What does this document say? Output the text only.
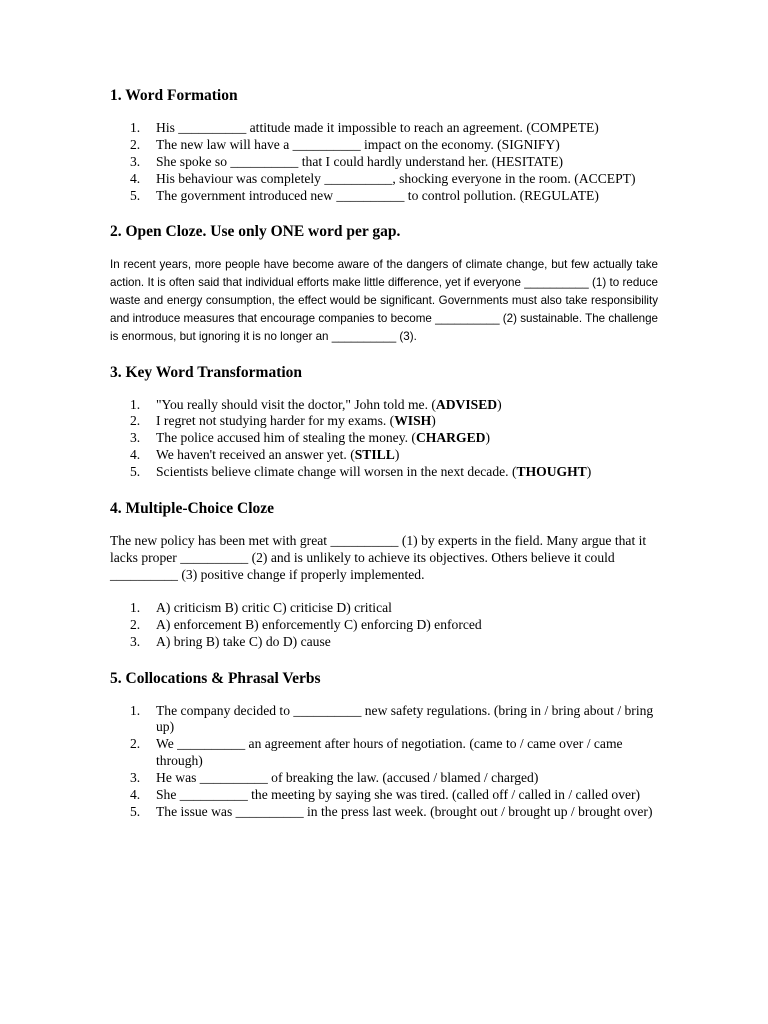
1. Word Formation
1. His __________ attitude made it impossible to reach an agreement. (COMPETE)
2. The new law will have a __________ impact on the economy. (SIGNIFY)
3. She spoke so __________ that I could hardly understand her. (HESITATE)
4. His behaviour was completely __________, shocking everyone in the room. (ACCEPT)
5. The government introduced new __________ to control pollution. (REGULATE)
2. Open Cloze. Use only ONE word per gap.

In recent years, more people have become aware of the dangers of climate change, but few actually take action. It is often said that individual efforts make little difference, yet if everyone __________ (1) to reduce waste and energy consumption, the effect would be significant. Governments must also take responsibility and introduce measures that encourage companies to become __________ (2) sustainable. The challenge is enormous, but ignoring it is no longer an __________ (3).

3. Key Word Transformation
1. "You really should visit the doctor," John told me. (ADVISED)
2. I regret not studying harder for my exams. (WISH)
3. The police accused him of stealing the money. (CHARGED)
4. We haven't received an answer yet. (STILL)
5. Scientists believe climate change will worsen in the next decade. (THOUGHT)
4. Multiple-Choice Cloze

The new policy has been met with great __________ (1) by experts in the field. Many argue that it lacks proper __________ (2) and is unlikely to achieve its objectives. Others believe it could __________ (3) positive change if properly implemented.

1. A) criticism B) critic C) criticise D) critical
2. A) enforcement B) enforcemently C) enforcing D) enforced
3. A) bring B) take C) do D) cause
5. Collocations & Phrasal Verbs
1. The company decided to __________ new safety regulations. (bring in / bring about / bring up)
2. We __________ an agreement after hours of negotiation. (came to / came over / came through)
3. He was __________ of breaking the law. (accused / blamed / charged)
4. She __________ the meeting by saying she was tired. (called off / called in / called over)
5. The issue was __________ in the press last week. (brought out / brought up / brought over)
